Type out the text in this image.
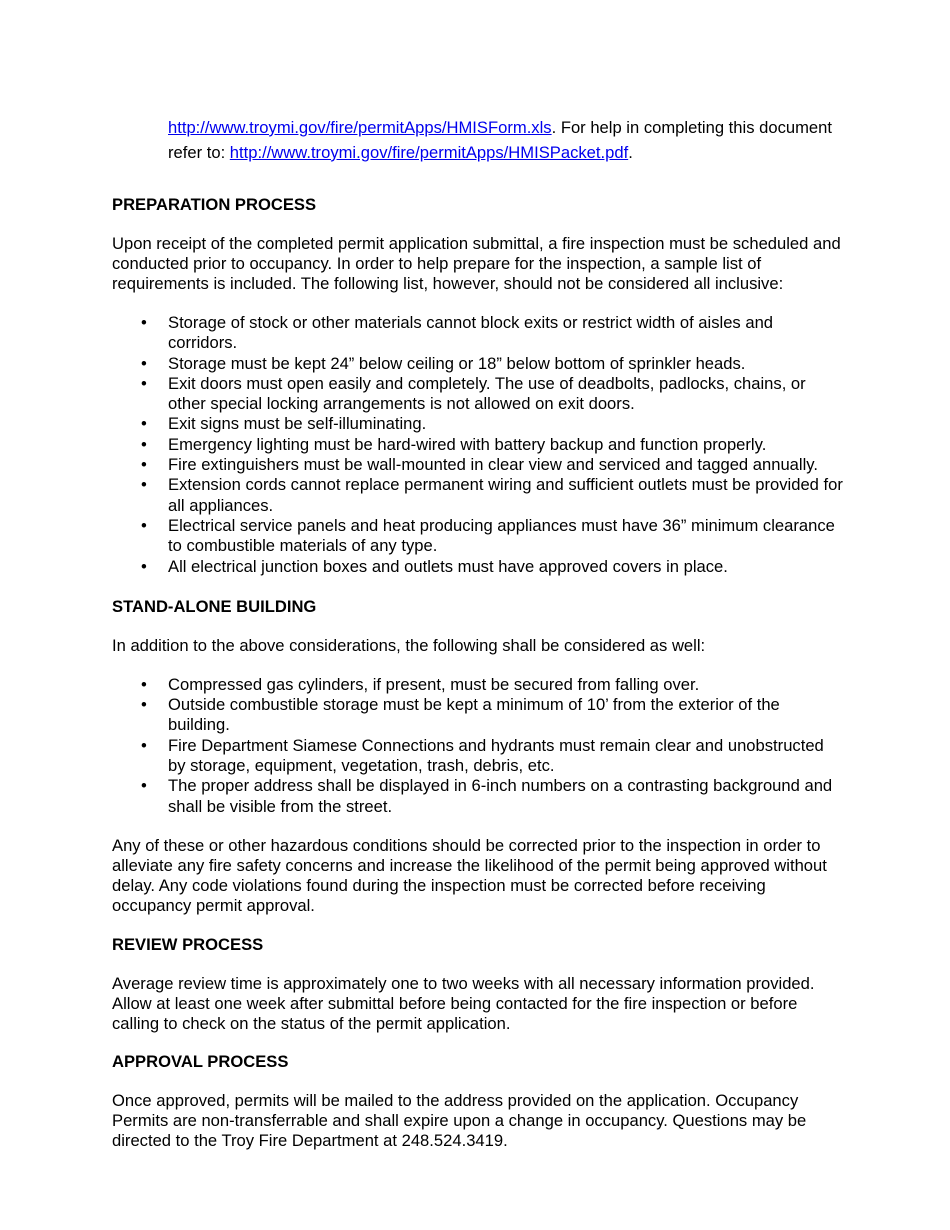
http://www.troymi.gov/fire/permitApps/HMISForm.xls. For help in completing this document refer to: http://www.troymi.gov/fire/permitApps/HMISPacket.pdf.

PREPARATION PROCESS

Upon receipt of the completed permit application submittal, a fire inspection must be scheduled and conducted prior to occupancy. In order to help prepare for the inspection, a sample list of requirements is included. The following list, however, should not be considered all inclusive:

• Storage of stock or other materials cannot block exits or restrict width of aisles and corridors.
• Storage must be kept 24” below ceiling or 18” below bottom of sprinkler heads.
• Exit doors must open easily and completely. The use of deadbolts, padlocks, chains, or other special locking arrangements is not allowed on exit doors.
• Exit signs must be self-illuminating.
• Emergency lighting must be hard-wired with battery backup and function properly.
• Fire extinguishers must be wall-mounted in clear view and serviced and tagged annually.
• Extension cords cannot replace permanent wiring and sufficient outlets must be provided for all appliances.
• Electrical service panels and heat producing appliances must have 36” minimum clearance to combustible materials of any type.
• All electrical junction boxes and outlets must have approved covers in place.
STAND-ALONE BUILDING

In addition to the above considerations, the following shall be considered as well:

• Compressed gas cylinders, if present, must be secured from falling over.
• Outside combustible storage must be kept a minimum of 10’ from the exterior of the building.
• Fire Department Siamese Connections and hydrants must remain clear and unobstructed by storage, equipment, vegetation, trash, debris, etc.
• The proper address shall be displayed in 6-inch numbers on a contrasting background and shall be visible from the street.

Any of these or other hazardous conditions should be corrected prior to the inspection in order to alleviate any fire safety concerns and increase the likelihood of the permit being approved without delay. Any code violations found during the inspection must be corrected before receiving occupancy permit approval.

REVIEW PROCESS

Average review time is approximately one to two weeks with all necessary information provided. Allow at least one week after submittal before being contacted for the fire inspection or before calling to check on the status of the permit application.

APPROVAL PROCESS

Once approved, permits will be mailed to the address provided on the application. Occupancy Permits are non-transferrable and shall expire upon a change in occupancy. Questions may be directed to the Troy Fire Department at 248.524.3419.
